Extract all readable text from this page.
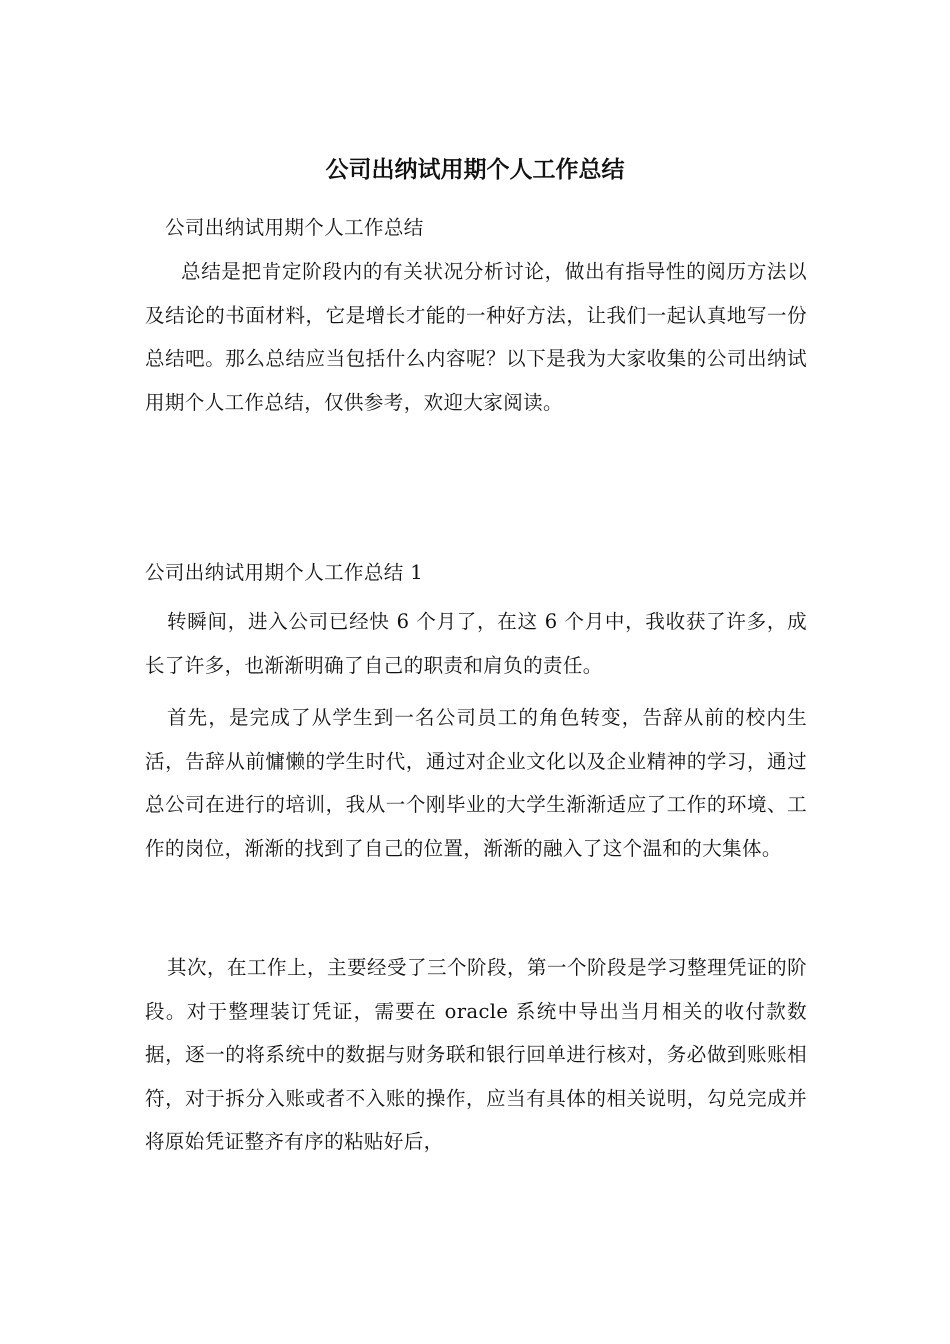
公司出纳试用期个人工作总结

公司出纳试用期个人工作总结

总结是把肯定阶段内的有关状况分析讨论，做出有指导性的阅历方法以及结论的书面材料，它是增长才能的一种好方法，让我们一起认真地写一份总结吧。那么总结应当包括什么内容呢？以下是我为大家收集的公司出纳试用期个人工作总结，仅供参考，欢迎大家阅读。

公司出纳试用期个人工作总结 1

转瞬间，进入公司已经快 6 个月了，在这 6 个月中，我收获了许多，成长了许多，也渐渐明确了自己的职责和肩负的责任。

首先，是完成了从学生到一名公司员工的角色转变，告辞从前的校内生活，告辞从前慵懒的学生时代，通过对企业文化以及企业精神的学习，通过总公司在进行的培训，我从一个刚毕业的大学生渐渐适应了工作的环境、工作的岗位，渐渐的找到了自己的位置，渐渐的融入了这个温和的大集体。

其次，在工作上，主要经受了三个阶段，第一个阶段是学习整理凭证的阶段。对于整理装订凭证，需要在 oracle 系统中导出当月相关的收付款数据，逐一的将系统中的数据与财务联和银行回单进行核对，务必做到账账相符，对于拆分入账或者不入账的操作，应当有具体的相关说明，勾兑完成并将原始凭证整齐有序的粘贴好后，
